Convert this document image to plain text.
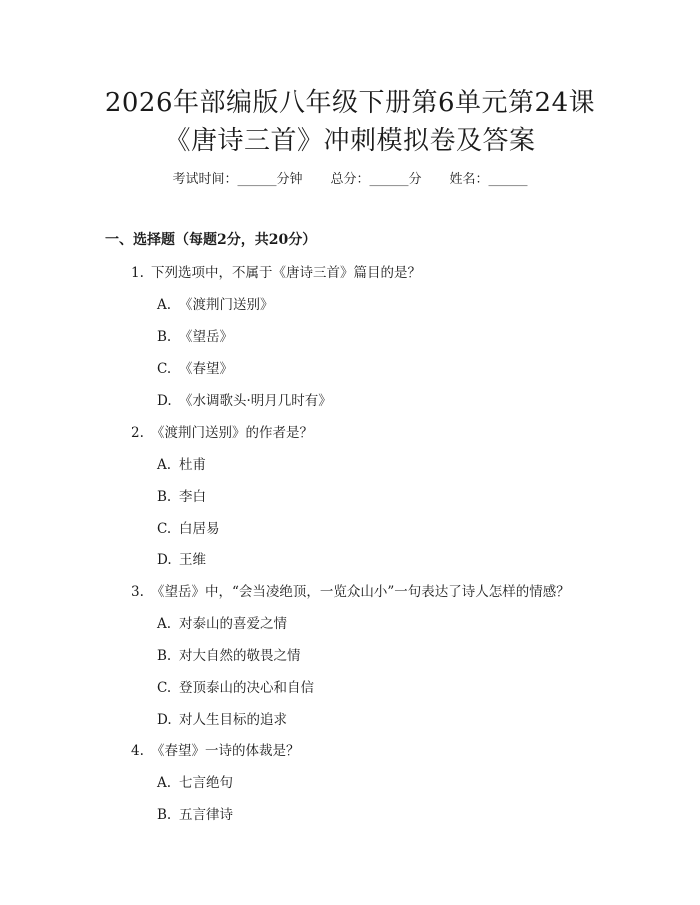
2026年部编版八年级下册第6单元第24课
《唐诗三首》冲刺模拟卷及答案
考试时间：______分钟 总分：______分 姓名：______
一、选择题（每题2分，共20分）
1. 下列选项中，不属于《唐诗三首》篇目的是？
A. 《渡荆门送别》
B. 《望岳》
C. 《春望》
D. 《水调歌头·明月几时有》
2. 《渡荆门送别》的作者是？
A. 杜甫
B. 李白
C. 白居易
D. 王维
3. 《望岳》中，“会当凌绝顶，一览众山小”一句表达了诗人怎样的情感？
A. 对泰山的喜爱之情
B. 对大自然的敬畏之情
C. 登顶泰山的决心和自信
D. 对人生目标的追求
4. 《春望》一诗的体裁是？
A. 七言绝句
B. 五言律诗
